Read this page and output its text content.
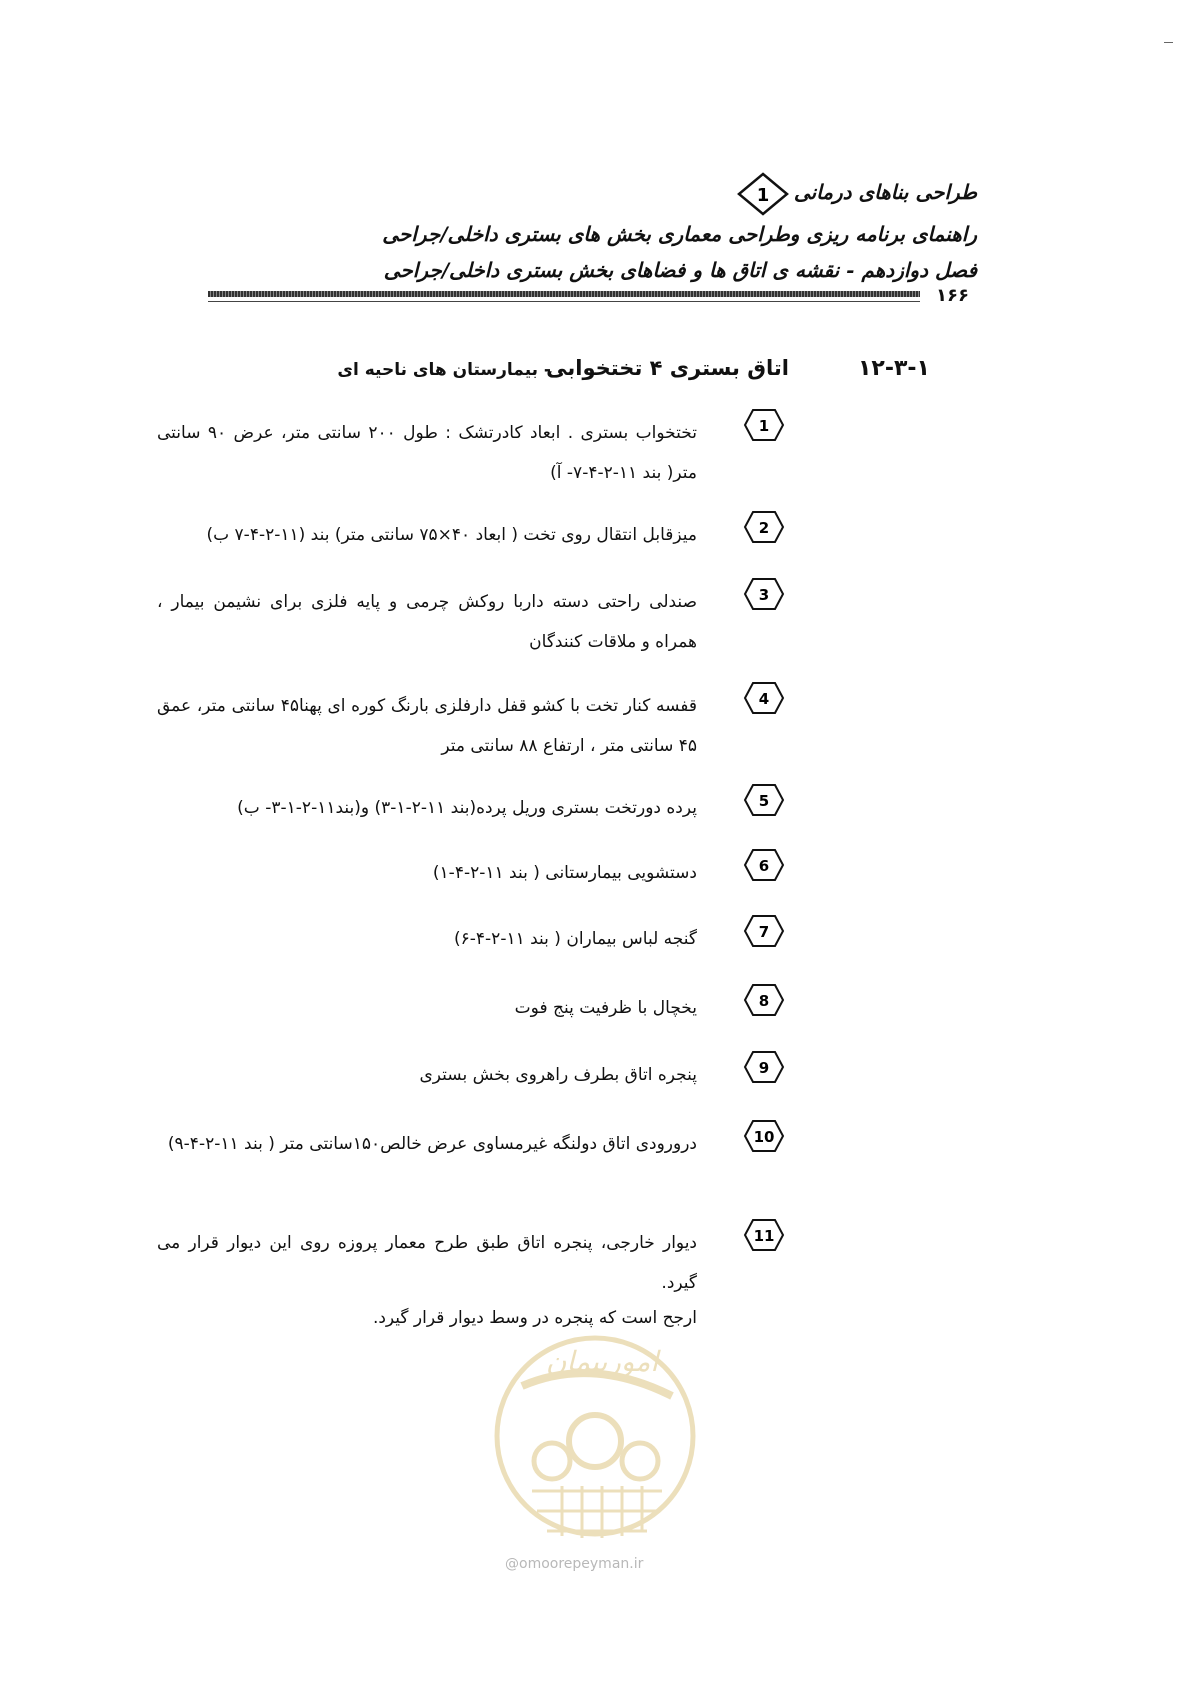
طراحی بناهای درمانی
1
راهنمای برنامه ریزی وطراحی معماری بخش های بستری داخلی/جراحی
فصل دوازدهم - نقشه ی اتاق ها و فضاهای بخش بستری داخلی/جراحی
۱۶۶
۱۲-۳-۱
اتاق بستری ۴ تختخوابی
- بیمارستان های ناحیه ای
1
تختخواب بستری . ابعاد کادرتشک : طول ۲۰۰ سانتی متر، عرض ۹۰ سانتی متر( بند ۱۱-۲-۴-۷- آ)
2
میزقابل انتقال روی تخت ( ابعاد ۴۰×۷۵ سانتی متر) بند (۱۱-۲-۴-۷ ب)
3
صندلی راحتی دسته داربا روکش چرمی و پایه فلزی برای نشیمن بیمار ، همراه و ملاقات کنندگان
4
قفسه کنار تخت با کشو قفل دارفلزی بارنگ کوره ای پهنا۴۵ سانتی متر، عمق ۴۵ سانتی متر ، ارتفاع ۸۸ سانتی متر
5
پرده دورتخت بستری وریل پرده(بند ۱۱-۲-۱-۳) و(بند۱۱-۲-۱-۳- ب)
6
دستشویی بیمارستانی ( بند ۱۱-۲-۴-۱)
7
گنجه لباس بیماران ( بند ۱۱-۲-۴-۶)
8
یخچال با ظرفیت پنج فوت
9
پنجره اتاق بطرف راهروی بخش بستری
10
درورودی اتاق دولنگه غیرمساوی عرض خالص۱۵۰سانتی متر ( بند ۱۱-۲-۴-۹)
11
دیوار خارجی، پنجره اتاق طبق طرح معمار پروزه روی این دیوار قرار می گیرد.
ارجح است که پنجره در وسط دیوار قرار گیرد.
امورپیمان
@omoorepeyman.ir
